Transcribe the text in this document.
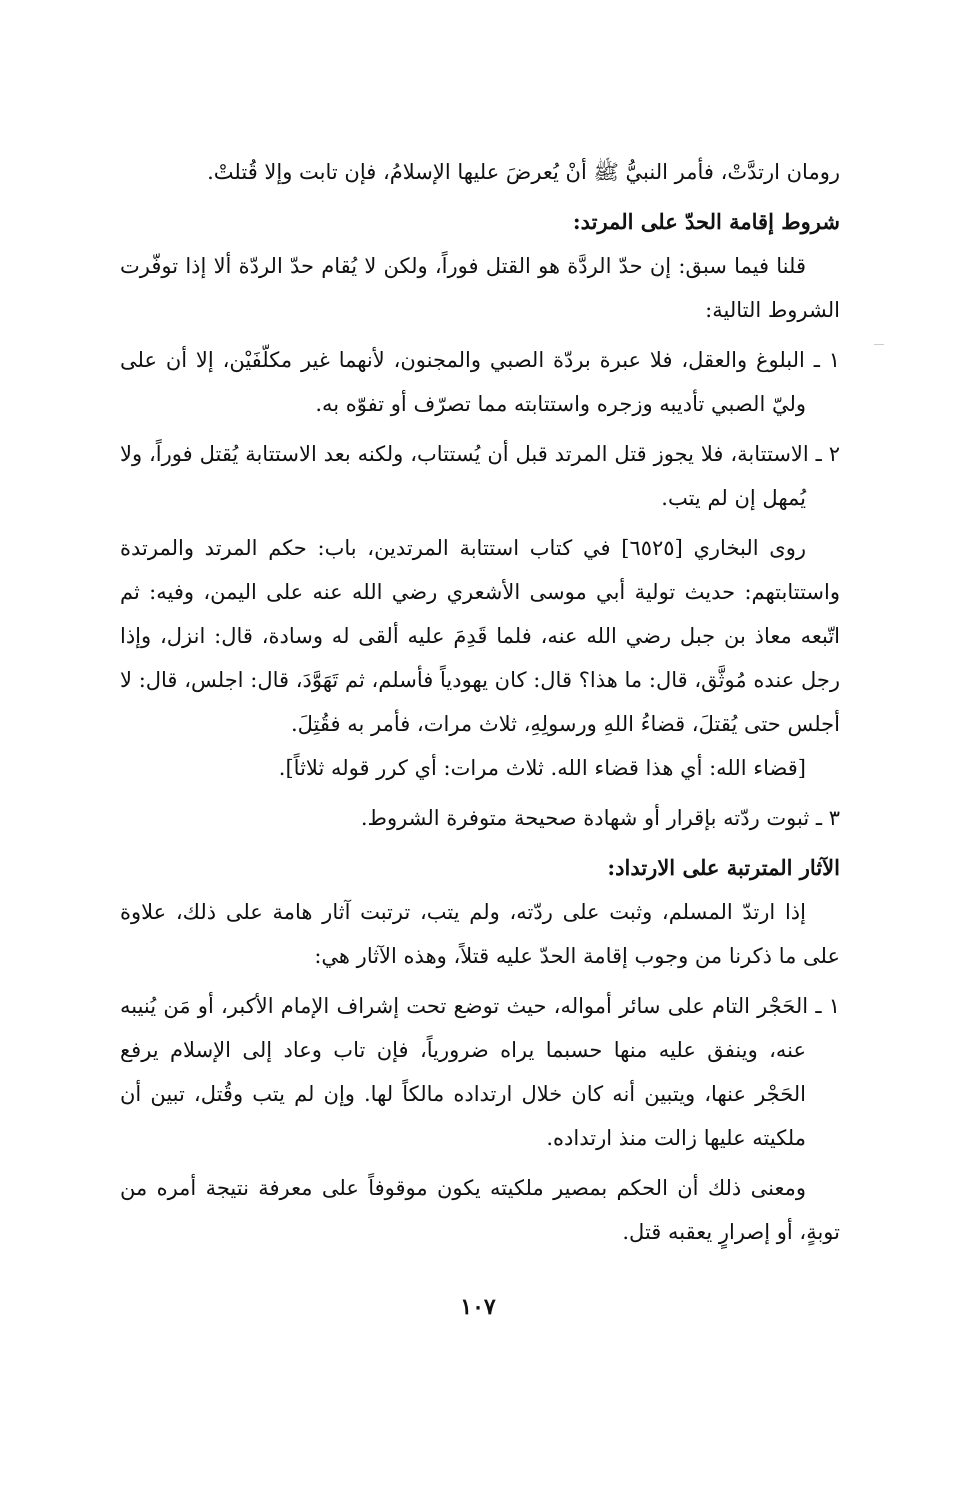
رومان ارتدَّتْ، فأمر النبيُّ ﷺ أنْ يُعرضَ عليها الإسلامُ، فإن تابت وإلا قُتلتْ.

شروط إقامة الحدّ على المرتد:

قلنا فيما سبق: إن حدّ الردَّة هو القتل فوراً، ولكن لا يُقام حدّ الردّة ألا إذا توفّرت الشروط التالية:

١ ـ البلوغ والعقل، فلا عبرة بردّة الصبي والمجنون، لأنهما غير مكلّفَيْن، إلا أن على وليّ الصبي تأديبه وزجره واستتابته مما تصرّف أو تفوّه به.

٢ ـ الاستتابة، فلا يجوز قتل المرتد قبل أن يُستتاب، ولكنه بعد الاستتابة يُقتل فوراً، ولا يُمهل إن لم يتب.

روى البخاري [٦٥٢٥] في كتاب استتابة المرتدين، باب: حكم المرتد والمرتدة واستتابتهم: حديث تولية أبي موسى الأشعري رضي الله عنه على اليمن، وفيه: ثم اتّبعه معاذ بن جبل رضي الله عنه، فلما قَدِمَ عليه ألقى له وسادة، قال: انزل، وإذا رجل عنده مُوثَّق، قال: ما هذا؟ قال: كان يهودياً فأسلم، ثم تَهَوَّدَ، قال: اجلس، قال: لا أجلس حتى يُقتلَ، قضاءُ اللهِ ورسولِهِ، ثلاث مرات، فأمر به فقُتِلَ.

[قضاء الله: أي هذا قضاء الله. ثلاث مرات: أي كرر قوله ثلاثاً].

٣ ـ ثبوت ردّته بإقرار أو شهادة صحيحة متوفرة الشروط.

الآثار المترتبة على الارتداد:

إذا ارتدّ المسلم، وثبت على ردّته، ولم يتب، ترتبت آثار هامة على ذلك، علاوة على ما ذكرنا من وجوب إقامة الحدّ عليه قتلاً، وهذه الآثار هي:

١ ـ الحَجْر التام على سائر أمواله، حيث توضع تحت إشراف الإمام الأكبر، أو مَن يُنيبه عنه، وينفق عليه منها حسبما يراه ضرورياً، فإن تاب وعاد إلى الإسلام يرفع الحَجْر عنها، ويتبين أنه كان خلال ارتداده مالكاً لها. وإن لم يتب وقُتل، تبين أن ملكيته عليها زالت منذ ارتداده.

ومعنى ذلك أن الحكم بمصير ملكيته يكون موقوفاً على معرفة نتيجة أمره من توبةٍ، أو إصرارٍ يعقبه قتل.

١٠٧
